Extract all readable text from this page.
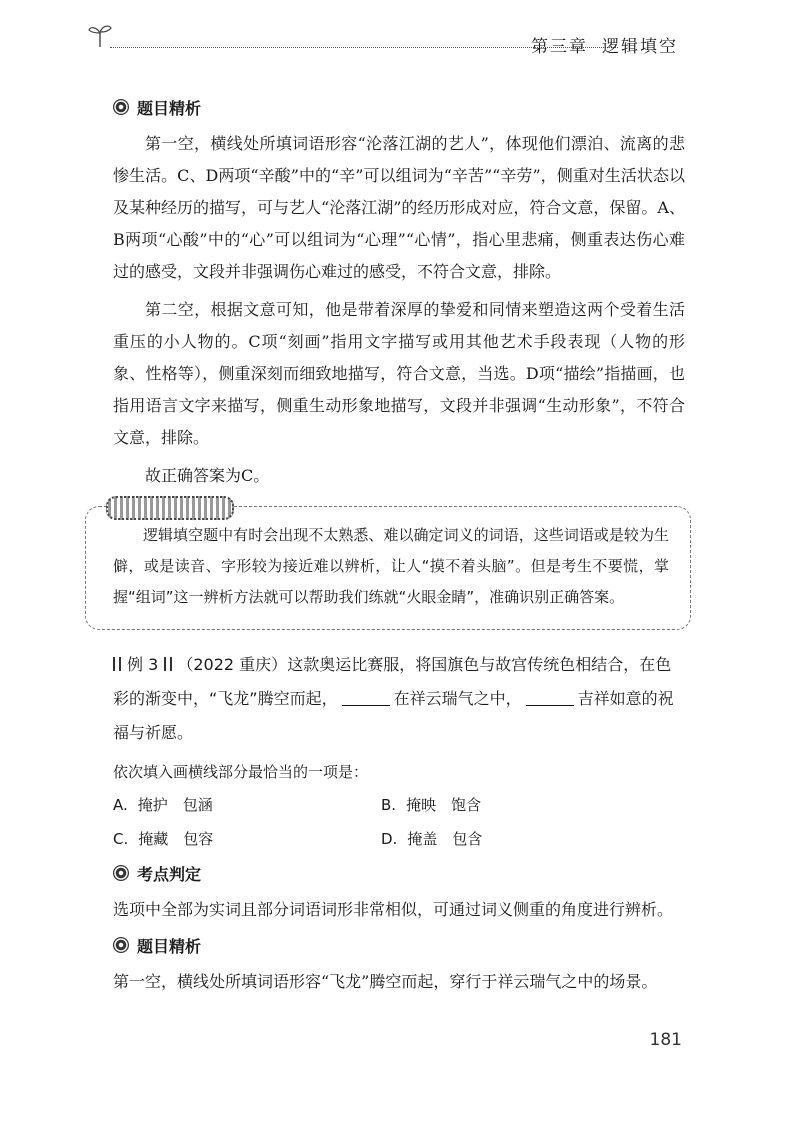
第三章 逻辑填空
题目精析

第一空，横线处所填词语形容“沦落江湖的艺人”，体现他们漂泊、流离的悲惨生活。C、D两项“辛酸”中的“辛”可以组词为“辛苦”“辛劳”，侧重对生活状态以及某种经历的描写，可与艺人“沦落江湖”的经历形成对应，符合文意，保留。A、B两项“心酸”中的“心”可以组词为“心理”“心情”，指心里悲痛，侧重表达伤心难过的感受，文段并非强调伤心难过的感受，不符合文意，排除。

第二空，根据文意可知，他是带着深厚的挚爱和同情来塑造这两个受着生活重压的小人物的。C项“刻画”指用文字描写或用其他艺术手段表现（人物的形象、性格等），侧重深刻而细致地描写，符合文意，当选。D项“描绘”指描画，也指用语言文字来描写，侧重生动形象地描写，文段并非强调“生动形象”，不符合文意，排除。

故正确答案为C。

逻辑填空题中有时会出现不太熟悉、难以确定词义的词语，这些词语或是较为生僻，或是读音、字形较为接近难以辨析，让人“摸不着头脑”。但是考生不要慌，掌握“组词”这一辨析方法就可以帮助我们练就“火眼金睛”，准确识别正确答案。
例 3 （2022 重庆）这款奥运比赛服，将国旗色与故宫传统色相结合，在色彩的渐变中，“飞龙”腾空而起，	在祥云瑞气之中，	吉祥如意的祝福与祈愿。
依次填入画横线部分最恰当的一项是：
A. 掩护　包涵	B. 掩映　饱含
C. 掩藏　包容	D. 掩盖　包含
考点判定

选项中全部为实词且部分词语词形非常相似，可通过词义侧重的角度进行辨析。

题目精析

第一空，横线处所填词语形容“飞龙”腾空而起，穿行于祥云瑞气之中的场景。

181
